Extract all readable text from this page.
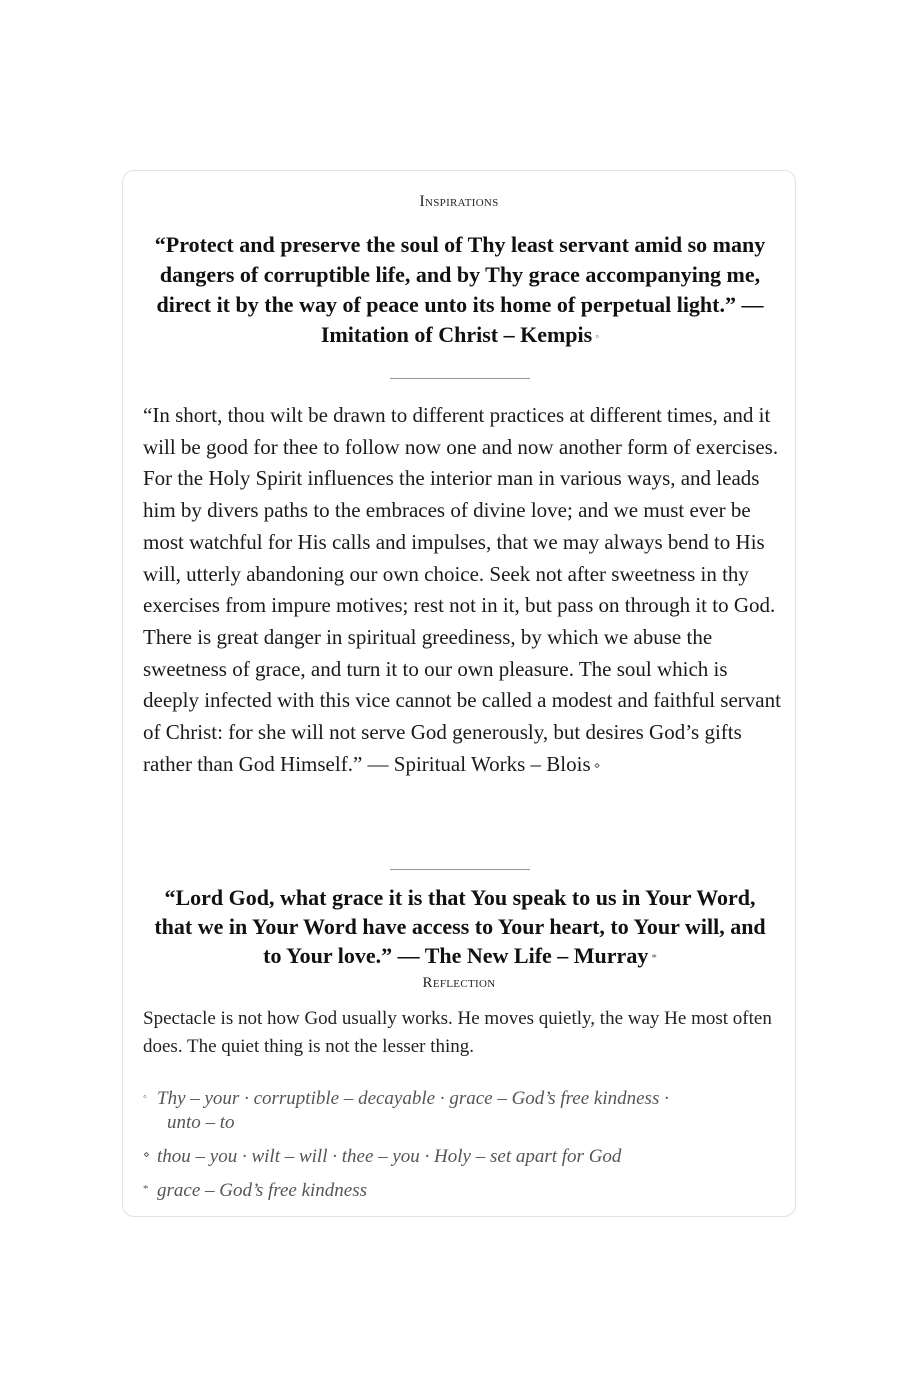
Inspirations
“Protect and preserve the soul of Thy least servant amid so many dangers of corruptible life, and by Thy grace accompanying me, direct it by the way of peace unto its home of perpetual light.” — Imitation of Christ – Kempis ◦
“In short, thou wilt be drawn to different practices at different times, and it will be good for thee to follow now one and now another form of exercises. For the Holy Spirit influences the interior man in various ways, and leads him by divers paths to the embraces of divine love; and we must ever be most watchful for His calls and impulses, that we may always bend to His will, utterly abandoning our own choice. Seek not after sweetness in thy exercises from impure motives; rest not in it, but pass on through it to God. There is great danger in spiritual greediness, by which we abuse the sweetness of grace, and turn it to our own pleasure. The soul which is deeply infected with this vice cannot be called a modest and faithful servant of Christ: for she will not serve God generously, but desires God’s gifts rather than God Himself.” — Spiritual Works – Blois ⋄
“Lord God, what grace it is that You speak to us in Your Word, that we in Your Word have access to Your heart, to Your will, and to Your love.” — The New Life – Murray *
Reflection
Spectacle is not how God usually works. He moves quietly, the way He most often does. The quiet thing is not the lesser thing.
◦ Thy – your · corruptible – decayable · grace – God’s free kindness ·
unto – to
⋄ thou – you · wilt – will · thee – you · Holy – set apart for God
* grace – God’s free kindness
